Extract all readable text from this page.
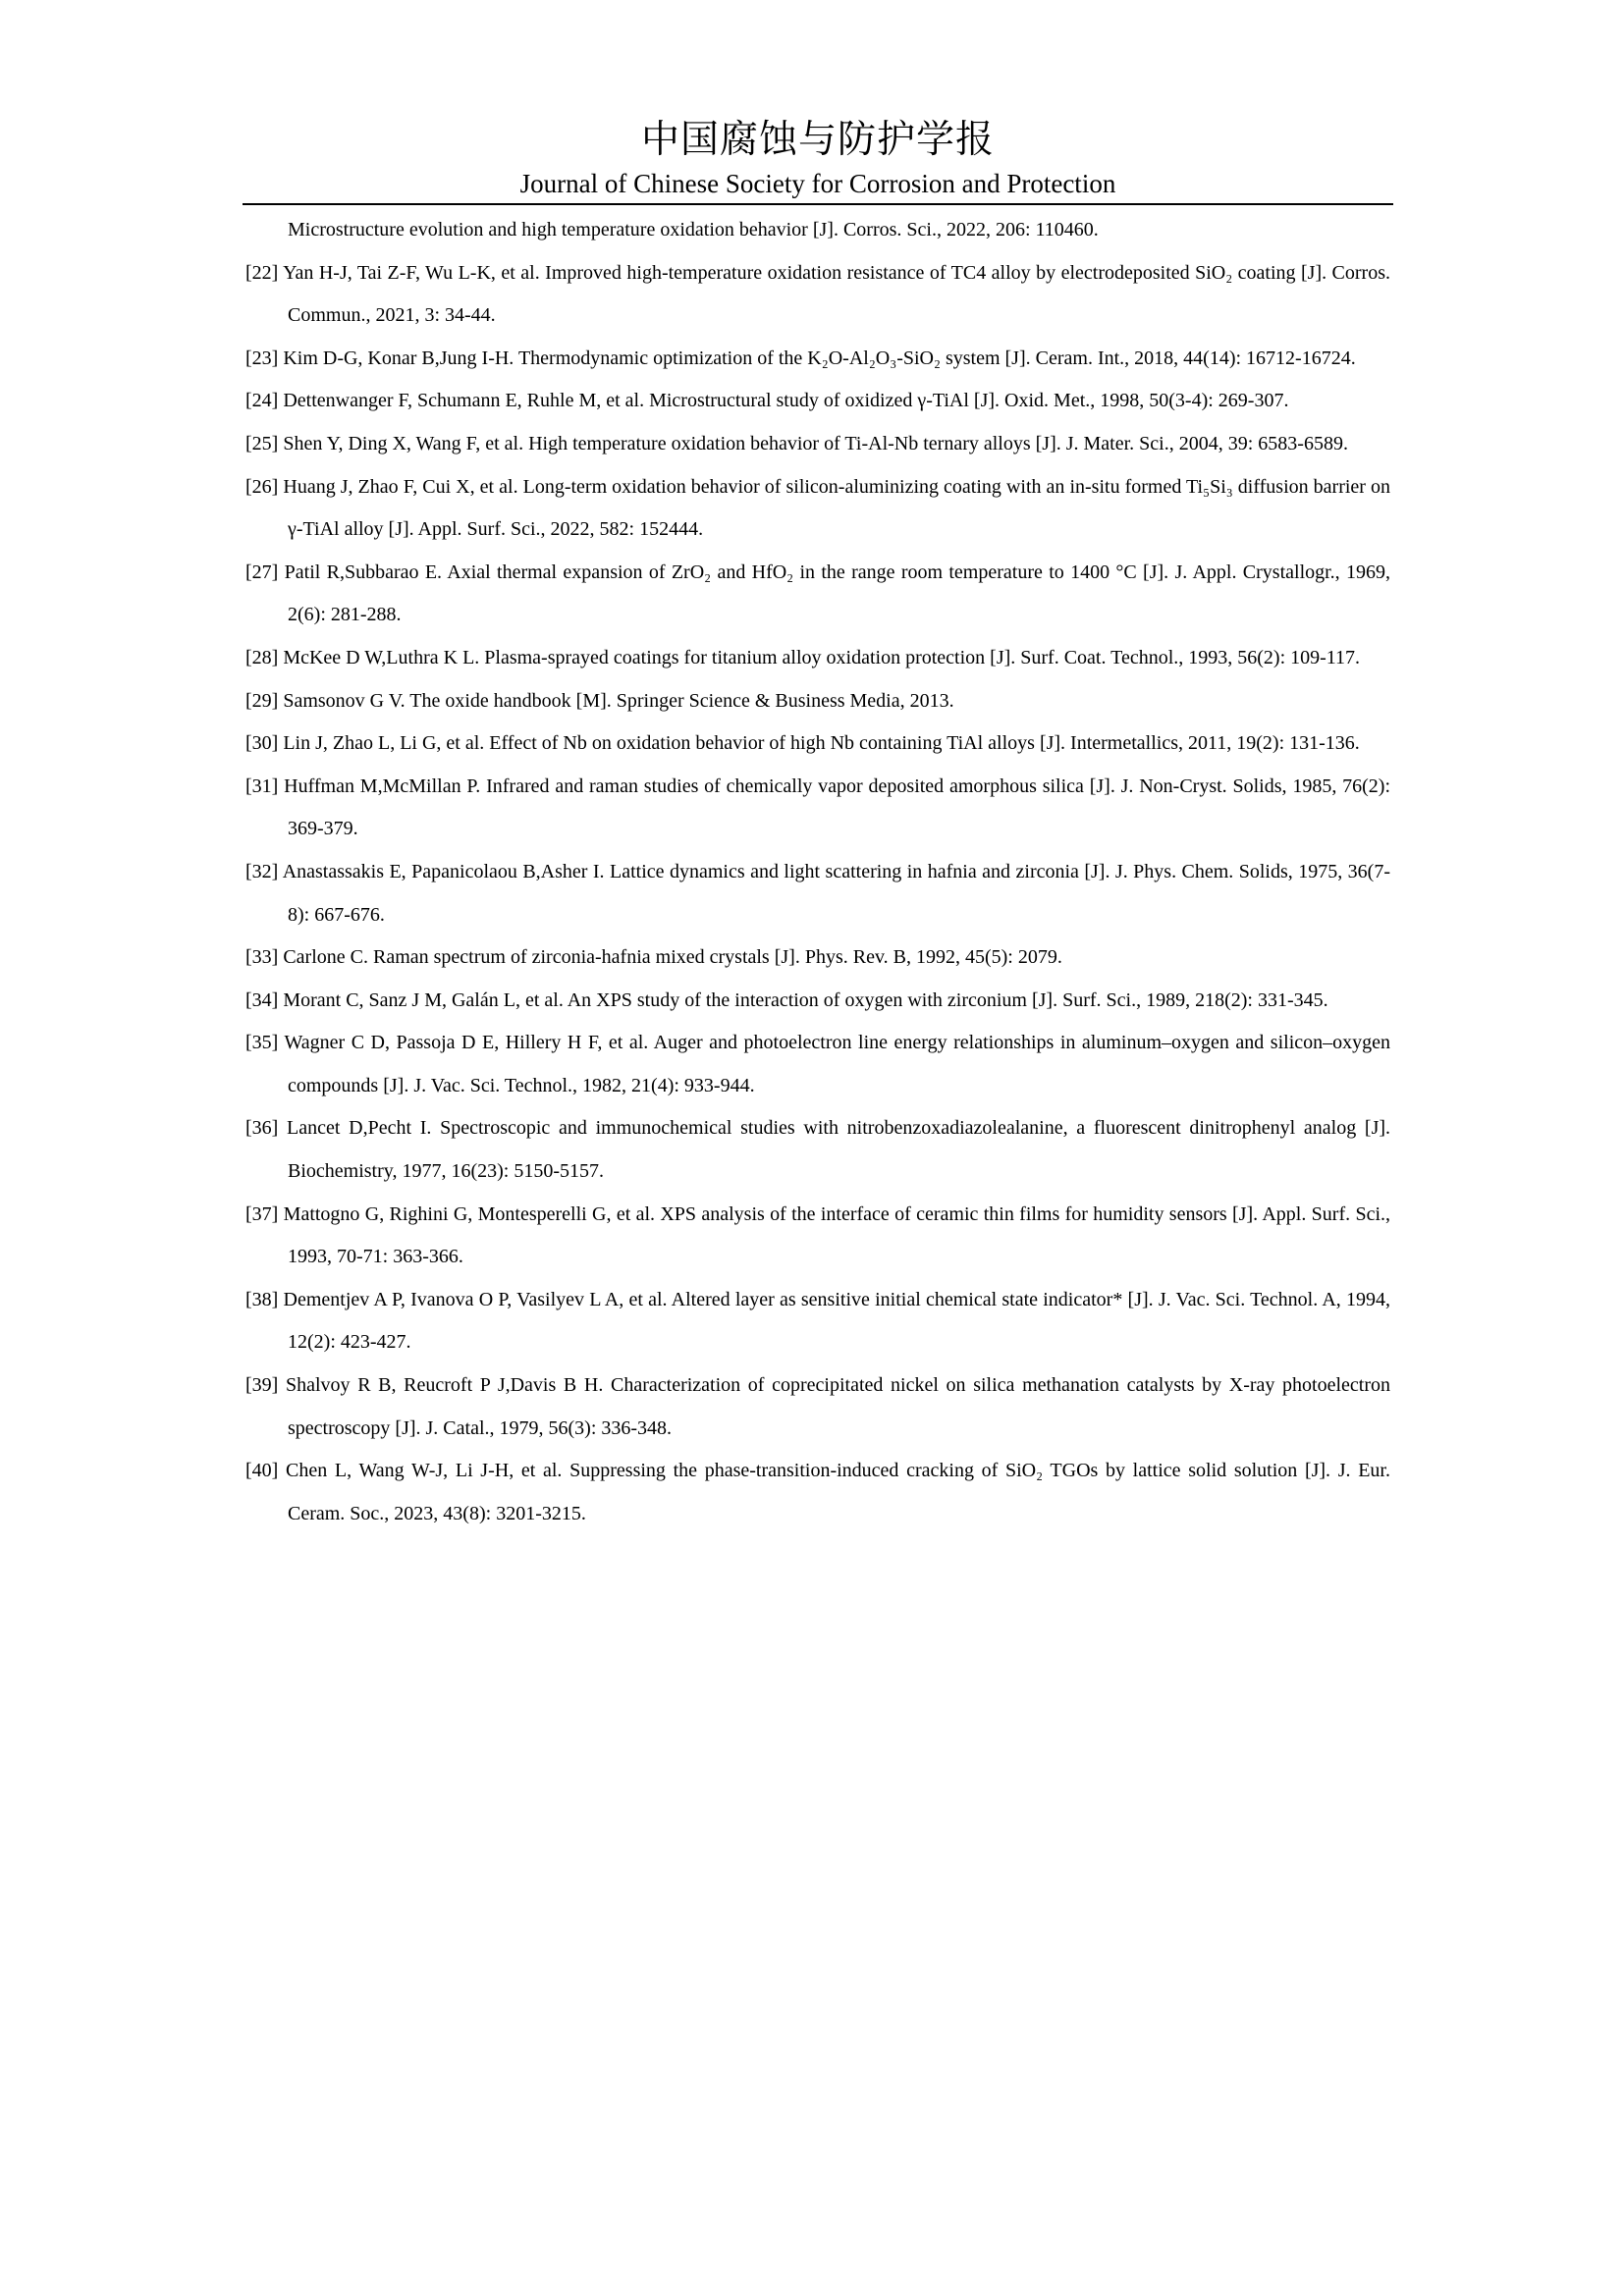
中国腐蚀与防护学报
Journal of Chinese Society for Corrosion and Protection
Microstructure evolution and high temperature oxidation behavior [J]. Corros. Sci., 2022, 206: 110460.
[22] Yan H-J, Tai Z-F, Wu L-K, et al. Improved high-temperature oxidation resistance of TC4 alloy by electrodeposited SiO₂ coating [J]. Corros. Commun., 2021, 3: 34-44.
[23] Kim D-G, Konar B,Jung I-H. Thermodynamic optimization of the K₂O-Al₂O₃-SiO₂ system [J]. Ceram. Int., 2018, 44(14): 16712-16724.
[24] Dettenwanger F, Schumann E, Ruhle M, et al. Microstructural study of oxidized γ-TiAl [J]. Oxid. Met., 1998, 50(3-4): 269-307.
[25] Shen Y, Ding X, Wang F, et al. High temperature oxidation behavior of Ti-Al-Nb ternary alloys [J]. J. Mater. Sci., 2004, 39: 6583-6589.
[26] Huang J, Zhao F, Cui X, et al. Long-term oxidation behavior of silicon-aluminizing coating with an in-situ formed Ti₅Si₃ diffusion barrier on γ-TiAl alloy [J]. Appl. Surf. Sci., 2022, 582: 152444.
[27] Patil R,Subbarao E. Axial thermal expansion of ZrO₂ and HfO₂ in the range room temperature to 1400 °C [J]. J. Appl. Crystallogr., 1969, 2(6): 281-288.
[28] McKee D W,Luthra K L. Plasma-sprayed coatings for titanium alloy oxidation protection [J]. Surf. Coat. Technol., 1993, 56(2): 109-117.
[29] Samsonov G V. The oxide handbook [M]. Springer Science & Business Media, 2013.
[30] Lin J, Zhao L, Li G, et al. Effect of Nb on oxidation behavior of high Nb containing TiAl alloys [J]. Intermetallics, 2011, 19(2): 131-136.
[31] Huffman M,McMillan P. Infrared and raman studies of chemically vapor deposited amorphous silica [J]. J. Non-Cryst. Solids, 1985, 76(2): 369-379.
[32] Anastassakis E, Papanicolaou B,Asher I. Lattice dynamics and light scattering in hafnia and zirconia [J]. J. Phys. Chem. Solids, 1975, 36(7-8): 667-676.
[33] Carlone C. Raman spectrum of zirconia-hafnia mixed crystals [J]. Phys. Rev. B, 1992, 45(5): 2079.
[34] Morant C, Sanz J M, Galán L, et al. An XPS study of the interaction of oxygen with zirconium [J]. Surf. Sci., 1989, 218(2): 331-345.
[35] Wagner C D, Passoja D E, Hillery H F, et al. Auger and photoelectron line energy relationships in aluminum–oxygen and silicon–oxygen compounds [J]. J. Vac. Sci. Technol., 1982, 21(4): 933-944.
[36] Lancet D,Pecht I. Spectroscopic and immunochemical studies with nitrobenzoxadiazolealanine, a fluorescent dinitrophenyl analog [J]. Biochemistry, 1977, 16(23): 5150-5157.
[37] Mattogno G, Righini G, Montesperelli G, et al. XPS analysis of the interface of ceramic thin films for humidity sensors [J]. Appl. Surf. Sci., 1993, 70-71: 363-366.
[38] Dementjev A P, Ivanova O P, Vasilyev L A, et al. Altered layer as sensitive initial chemical state indicator* [J]. J. Vac. Sci. Technol. A, 1994, 12(2): 423-427.
[39] Shalvoy R B, Reucroft P J,Davis B H. Characterization of coprecipitated nickel on silica methanation catalysts by X-ray photoelectron spectroscopy [J]. J. Catal., 1979, 56(3): 336-348.
[40] Chen L, Wang W-J, Li J-H, et al. Suppressing the phase-transition-induced cracking of SiO₂ TGOs by lattice solid solution [J]. J. Eur. Ceram. Soc., 2023, 43(8): 3201-3215.
